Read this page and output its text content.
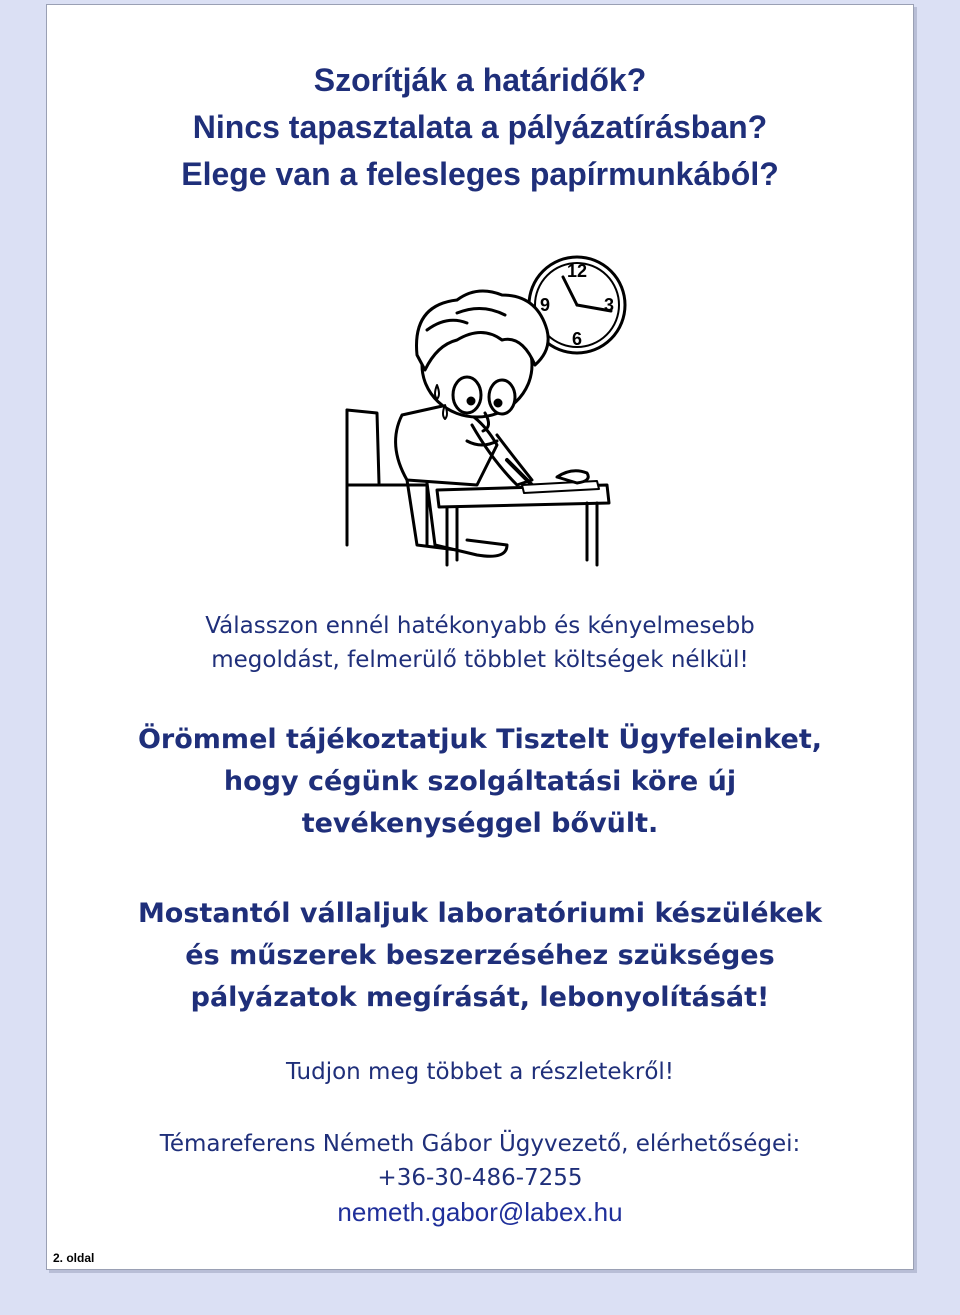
Szorítják a határidők?
Nincs tapasztalata a pályázatírásban?
Elege van a felesleges papírmunkából?
12
3
6
9
Válasszon ennél hatékonyabb és kényelmesebb
megoldást, felmerülő többlet költségek nélkül!
Örömmel tájékoztatjuk Tisztelt Ügyfeleinket,
hogy cégünk szolgáltatási köre új
tevékenységgel bővült.
Mostantól vállaljuk laboratóriumi készülékek
és műszerek beszerzéséhez szükséges
pályázatok megírását, lebonyolítását!
Tudjon meg többet a részletekről!
Témareferens Németh Gábor Ügyvezető, elérhetőségei:
+36-30-486-7255
nemeth.gabor@labex.hu
2. oldal
